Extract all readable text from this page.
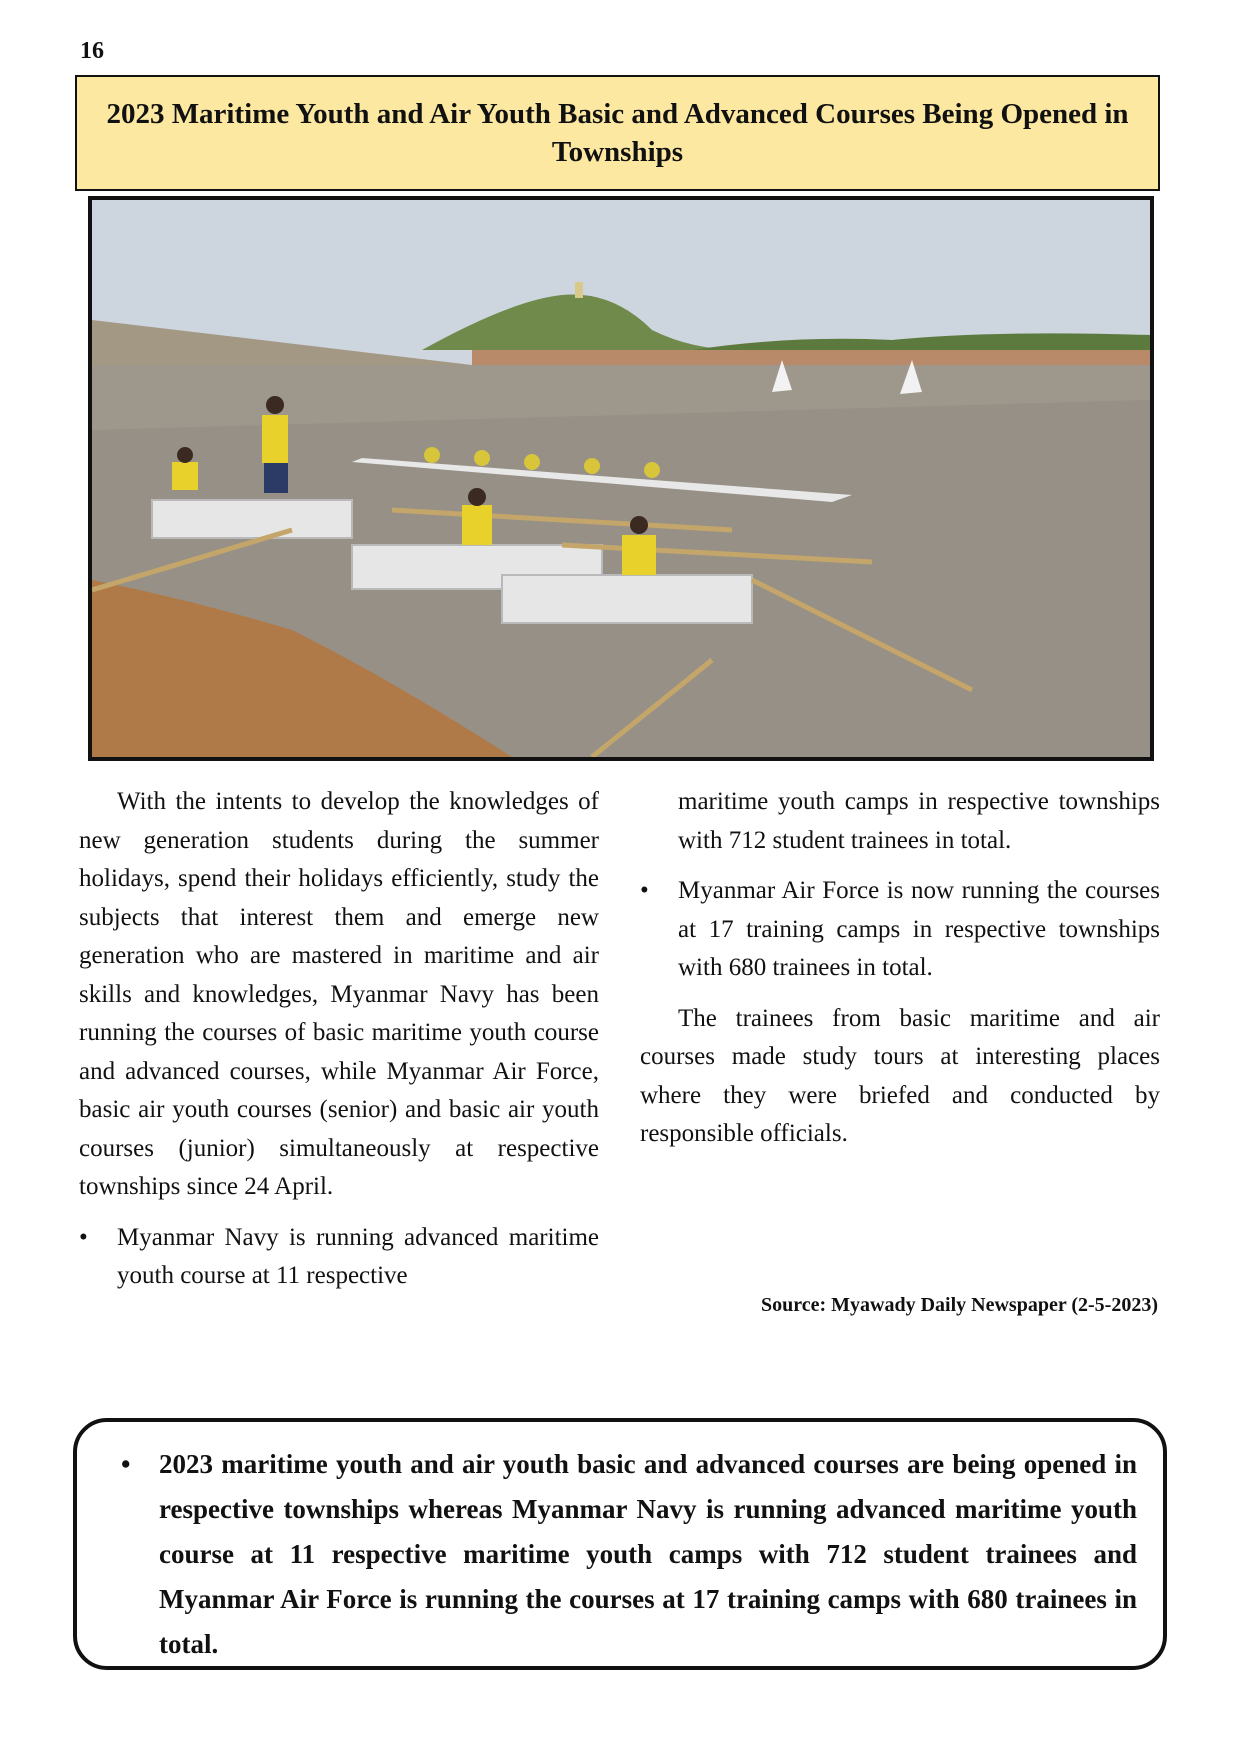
16
2023 Maritime Youth and Air Youth Basic and Advanced Courses Being Opened in Townships

With the intents to develop the knowledges of new generation students during the summer holidays, spend their holidays efficiently, study the subjects that interest them and emerge new generation who are mastered in maritime and air skills and knowledges, Myanmar Navy has been running the courses of basic maritime youth course and advanced courses, while Myanmar Air Force, basic air youth courses (senior) and basic air youth courses (junior) simultaneously at respective townships since 24 April.

• Myanmar Navy is running advanced maritime youth course at 11 respective

maritime youth camps in respective townships with 712 student trainees in total.

• Myanmar Air Force is now running the courses at 17 training camps in respective townships with 680 trainees in total.

The trainees from basic maritime and air courses made study tours at interesting places where they were briefed and conducted by responsible officials.

Source: Myawady Daily Newspaper (2-5-2023)
• 2023 maritime youth and air youth basic and advanced courses are being opened in respective townships whereas Myanmar Navy is running advanced maritime youth course at 11 respective maritime youth camps with 712 student trainees and Myanmar Air Force is running the courses at 17 training camps with 680 trainees in total.
